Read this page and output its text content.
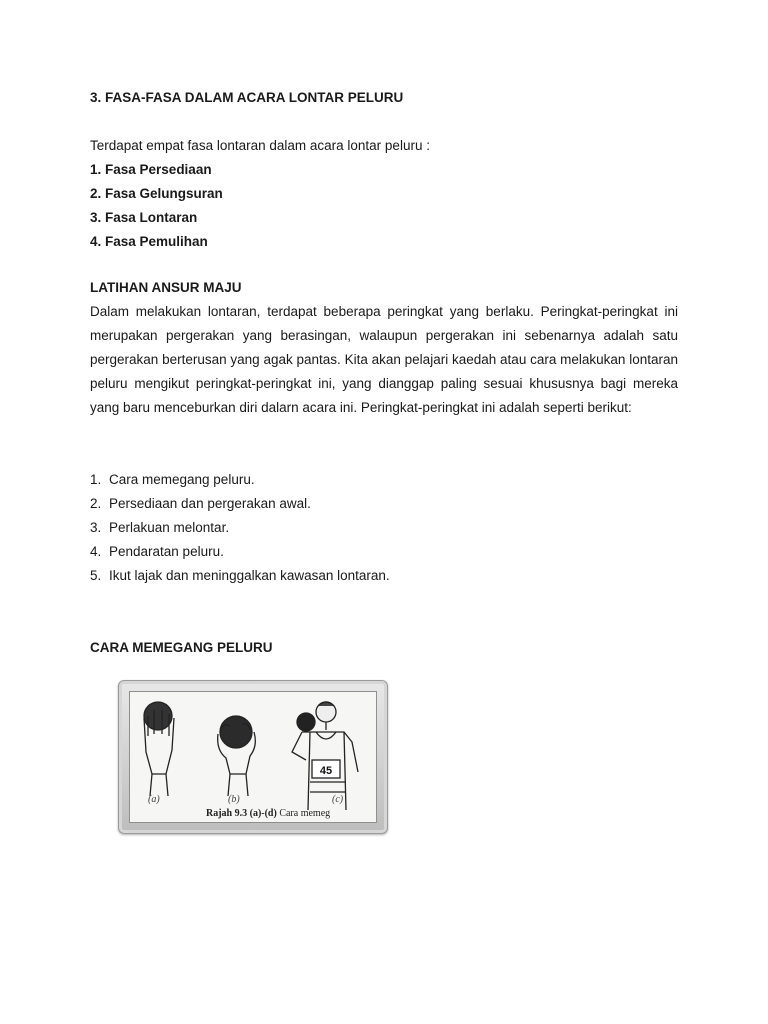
3. FASA-FASA DALAM ACARA LONTAR PELURU

Terdapat empat fasa lontaran dalam acara lontar peluru :

1. Fasa Persediaan
2. Fasa Gelungsuran
3. Fasa Lontaran
4. Fasa Pemulihan
LATIHAN ANSUR MAJU

Dalam melakukan lontaran, terdapat beberapa peringkat yang berlaku. Peringkat-peringkat ini merupakan pergerakan yang berasingan, walaupun pergerakan ini sebenarnya adalah satu pergerakan berterusan yang agak pantas. Kita akan pelajari kaedah atau cara melakukan lontaran peluru mengikut peringkat-peringkat ini, yang dianggap paling sesuai khususnya bagi mereka yang baru menceburkan diri dalarn acara ini. Peringkat-peringkat ini adalah seperti berikut:

1. Cara memegang peluru.
2. Persediaan dan pergerakan awal.
3. Perlakuan melontar.
4. Pendaratan peluru.
5. Ikut lajak dan meninggalkan kawasan lontaran.
CARA MEMEGANG PELURU
45
(a)	(b)	(c)
Rajah 9.3 (a)-(d) Cara memeg
